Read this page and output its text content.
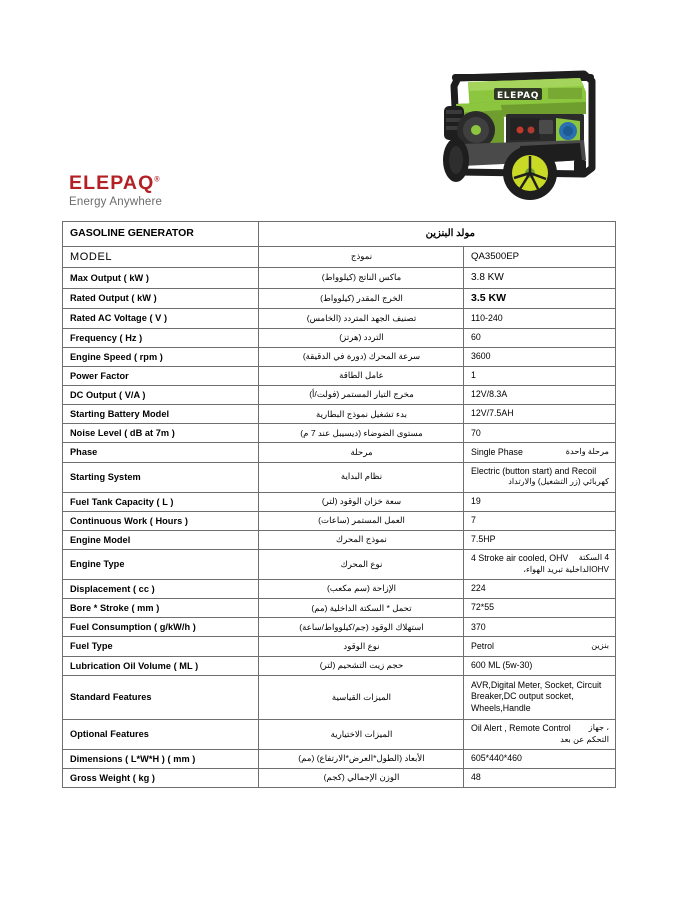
ELEPAQ
ELEPAQ®
Energy Anywhere
GASOLINE GENERATOR	مولد البنزين	
MODEL	نموذج	QA3500EP
Max Output ( kW )	ماكس الناتج (كيلوواط)	3.8 KW
Rated Output ( kW )	الخرج المقدر (كيلوواط)	3.5 KW
Rated AC Voltage ( V )	تصنيف الجهد المتردد (الخامس)	110-240
Frequency ( Hz )	التردد (هرتز)	60
Engine Speed ( rpm )	سرعة المحرك (دورة في الدقيقة)	3600
Power Factor	عامل الطاقة	1
DC Output ( V/A )	مخرج التيار المستمر (فولت/أ)	12V/8.3A
Starting Battery Model	بدء تشغيل نموذج البطارية	12V/7.5AH
Noise Level ( dB at 7m )	مستوى الضوضاء (ديسيبل عند 7 م)	70
Phase	مرحلة	Single Phase مرحلة واحدة

Starting System	نظام البداية	Electric (button start) and Recoil
كهربائي (زر التشغيل) والارتداد

Fuel Tank Capacity ( L )	سعة خزان الوقود (لتر)	19
Continuous Work ( Hours )	العمل المستمر (ساعات)	7
Engine Model	نموذج المحرك	7.5HP
Engine Type	نوع المحرك	4 Stroke air cooled, OHV 4 السكتة
OHVالداخلية تبريد الهواء،

Displacement ( cc )	الإزاحة (سم مكعب)	224
Bore * Stroke ( mm )	تحمل * السكتة الداخلية (مم)	72*55
Fuel Consumption ( g/kW/h )	استهلاك الوقود (جم/كيلوواط/ساعة)	370
Fuel Type	نوع الوقود	Petrol بنزين

Lubrication Oil Volume ( ML )	حجم زيت التشحيم (لتر)	600 ML (5w-30)
Standard Features	الميزات القياسية	AVR,Digital Meter, Socket, Circuit Breaker,DC output socket, Wheels,Handle
Optional Features	الميزات الاختيارية	Oil Alert , Remote Control ، جهاز
التحكم عن بعد

Dimensions ( L*W*H ) ( mm )	الأبعاد (الطول*العرض*الارتفاع) (مم)	605*440*460
Gross Weight ( kg )	الوزن الإجمالي (كجم)	48
